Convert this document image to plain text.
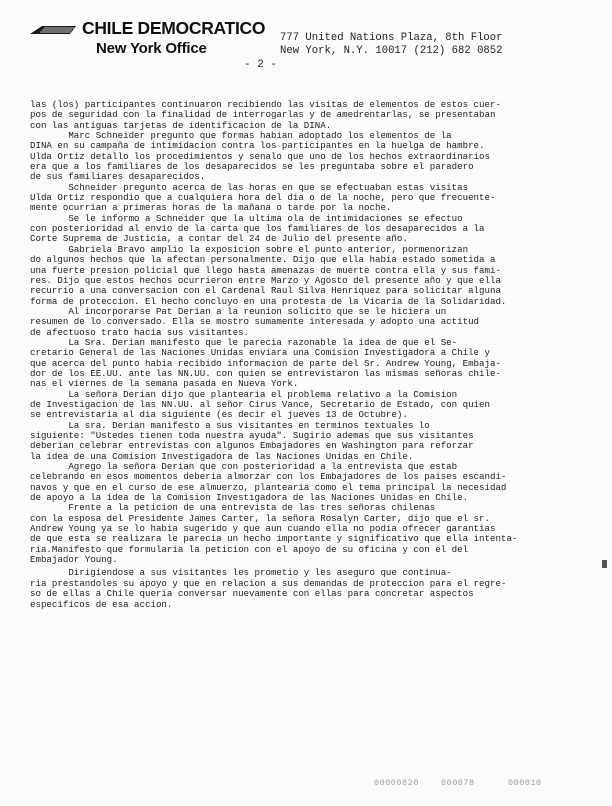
CHILE DEMOCRATICO
New York Office
777 United Nations Plaza, 8th Floor
New York, N.Y. 10017 (212) 682 0852
- 2 -
las (los) participantes continuaron recibiendo las visitas de elementos de estos cuer-
pos de seguridad con la finalidad de interrogarlas y de amedrentarlas, se presentaban
con las antiguas tarjetas de identificacion de la DINA.
Marc Schneider pregunto que formas habian adoptado los elementos de la
DINA en su campaña de intimidacion contra los participantes en la huelga de hambre.
Ulda Ortiz detallo los procedimientos y senalo que uno de los hechos extraordinarios
era que a los familiares de los desaparecidos se les preguntaba sobre el paradero
de sus familiares desaparecidos.
Schneider pregunto acerca de las horas en que se efectuaban estas visitas
Ulda Ortiz respondio que a cualquiera hora del dia o de la noche, pero que frecuente-
mente ocurrian a primeras horas de la mañana o tarde por la noche.
Se le informo a Schneider que la ultima ola de intimidaciones se efectuo
con posterioridad al envio de la carta que los familiares de los desaparecidos a la
Corte Suprema de Justicia, a contar del 24 de Julio del presente año.
Gabriela Bravo amplio la exposicion sobre el punto anterior, pormenorizan
do algunos hechos que la afectan personalmente. Dijo que ella habia estado sometida a
una fuerte presion policial que llego hasta amenazas de muerte contra ella y sus fami-
res. Dijo que estos hechos ocurrieron entre Marzo y Agosto del presente año y que ella
recurrio a una conversacion con el Cardenal Raul Silva Henriquez para solicitar alguna
forma de proteccion. El hecho concluyo en una protesta de la Vicaria de la Solidaridad.
Al incorporarse Pat Derian a la reunion solicito que se le hiciera un
resumen de lo conversado. Ella se mostro sumamente interesada y adopto una actitud
de afectuoso trato hacia sus visitantes.
La Sra. Derian manifesto que le parecia razonable la idea de que el Se-
cretario General de las Naciones Unidas enviara una Comision Investigadora a Chile y
que acerca del punto habia recibido informacion de parte del Sr. Andrew Young, Embaja-
dor de los EE.UU. ante las NN.UU. con quien se entrevistaron las mismas señoras chile-
nas el viernes de la semana pasada en Nueva York.
La señora Derian dijo que plantearia el problema relativo a la Comision
de Investigacion de las NN.UU. al señor Cirus Vance, Secretario de Estado, con quien
se entrevistaria al dia siguiente (es decir el jueves 13 de Octubre).
La sra. Derian manifesto a sus visitantes en terminos textuales lo
siguiente: "Ustedes tienen toda nuestra ayuda". Sugirio ademas que sus visitantes
deberian celebrar entrevistas con algunos Embajadores en Washington para reforzar
la idea de una Comision Investigadora de las Naciones Unidas en Chile.
Agrego la señora Derian que con posterioridad a la entrevista que estab
celebrando en esos momentos deberia almorzar con los Embajadores de los paises escandi-
navos y que en el curso de ese almuerzo, plantearia como el tema principal la necesidad
de apoyo a la idea de la Comision Investigadora de las Naciones Unidas en Chile.
Frente a la peticion de una entrevista de las tres señoras chilenas
con la esposa del Presidente James Carter, la señora Rosalyn Carter, dijo que el sr.
Andrew Young ya se lo habia sugerido y que aun cuando ella no podia ofrecer garantias
de que esta se realizara le parecia un hecho importante y significativo que ella intenta-
ria.Manifesto que formularia la peticion con el apoyo de su oficina y con el del
Embajador Young.
Dirigiendose a sus visitantes les prometio y les aseguro que continua-
ria prestandoles su apoyo y que en relacion a sus demandas de proteccion para el regre-
so de ellas a Chile queria conversar nuevamente con ellas para concretar aspectos
especificos de esa accion.
00000820	000078	000010
